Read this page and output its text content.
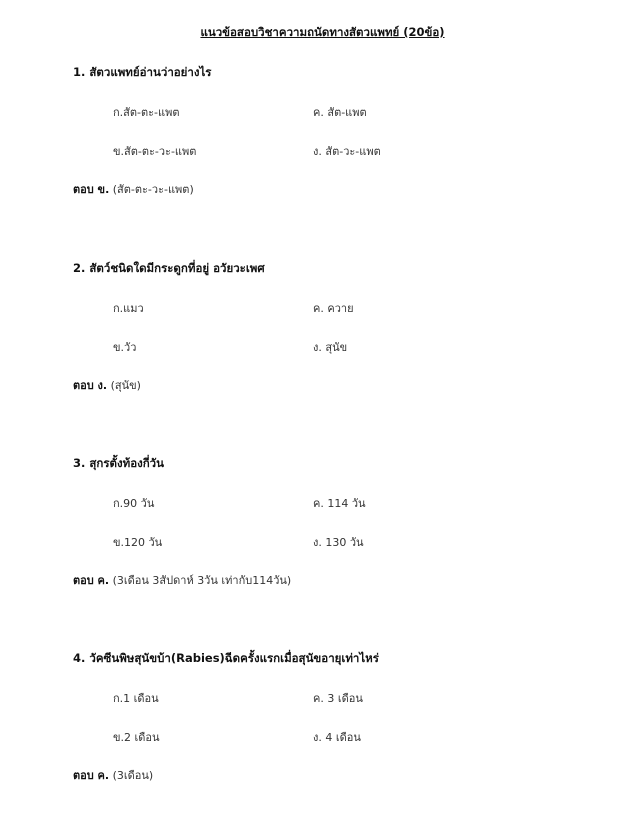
แนวข้อสอบวิชาความถนัดทางสัตวแพทย์ (20ข้อ)
1. สัตวแพทย์อ่านว่าอย่างไร
ก.สัต-ตะ-แพต	ค. สัต-แพต
ข.สัต-ตะ-วะ-แพต	ง. สัต-วะ-แพต
ตอบ ข. (สัต-ตะ-วะ-แพต)
2. สัตว์ชนิดใดมีกระดูกที่อยู่ อวัยวะเพศ
ก.แมว	ค. ควาย
ข.วัว	ง. สุนัข
ตอบ ง. (สุนัข)
3. สุกรตั้งท้องกี่วัน
ก.90 วัน	ค. 114 วัน
ข.120 วัน	ง. 130 วัน
ตอบ ค. (3เดือน 3สัปดาห์ 3วัน เท่ากับ114วัน)
4. วัคซีนพิษสุนัขบ้า(Rabies)ฉีดครั้งแรกเมื่อสุนัขอายุเท่าไหร่
ก.1 เดือน	ค. 3 เดือน
ข.2 เดือน	ง. 4 เดือน
ตอบ ค. (3เดือน)
